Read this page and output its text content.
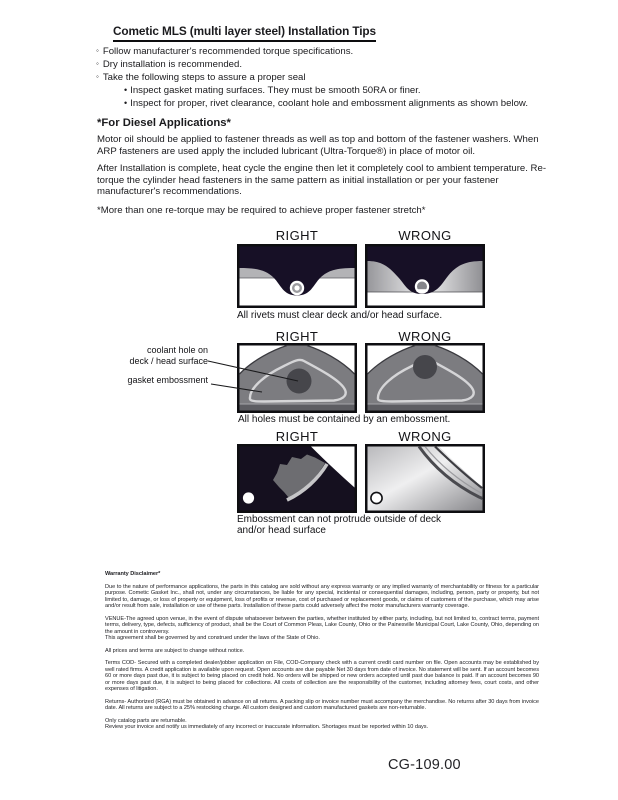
Cometic MLS (multi layer steel) Installation Tips
◦ Follow manufacturer's recommended torque specifications.
◦ Dry installation is recommended.
◦ Take the following steps to assure a proper seal
• Inspect gasket mating surfaces. They must be smooth 50RA or finer.
• Inspect for proper, rivet clearance, coolant hole and embossment alignments as shown below.
*For Diesel Applications*

Motor oil should be applied to fastener threads as well as top and bottom of the fastener washers. When ARP fasteners are used apply the included lubricant (Ultra-Torque®) in place of motor oil.

After Installation is complete, heat cycle the engine then let it completely cool to ambient temperature. Re-torque the cylinder head fasteners in the same pattern as initial installation or per your fastener manufacturer's recommendations.

*More than one re-torque may be required to achieve proper fastener stretch*

RIGHT	WRONG
All rivets must clear deck and/or head surface.
RIGHT	WRONG
coolant hole on
deck / head surface
gasket embossment
All holes must be contained by an embossment.
RIGHT	WRONG
Embossment can not protrude outside of deck
and/or head surface
Warranty Disclaimer*

Due to the nature of performance applications, the parts in this catalog are sold without any express warranty or any implied warranty of merchantability or fitness for a particular purpose. Cometic Gasket Inc., shall not, under any circumstances, be liable for any special, incidental or consequential damages, including, person, party or property, but not limited to, damage, or loss of property or equipment, loss of profits or revenue, cost of purchased or replacement goods, or claims of customers of the purchase, which may arise and/or result from sale, installation or use of these parts. Installation of these parts could adversely affect the motor manufacturers warranty coverage.

VENUE-The agreed upon venue, in the event of dispute whatsoever between the parties, whether instituted by either party, including, but not limited to, contract terms, payment terms, delivery, type, defects, sufficiency of product, shall be the Court of Common Pleas, Lake County, Ohio or the Painesville Municipal Court, Lake County, Ohio, depending on the amount in controversy.

This agreement shall be governed by and construed under the laws of the State of Ohio.

All prices and terms are subject to change without notice.

Terms COD- Secured with a completed dealer/jobber application on File, COD-Company check with a current credit card number on file. Open accounts may be established by well rated firms. A credit application is available upon request. Open accounts are due payable Net 30 days from date of invoice. No statement will be sent. If an account becomes 60 or more days past due, it is subject to being placed on credit hold. No orders will be shipped or new orders accepted until past due balance is paid. If an account becomes 90 or more days past due, it is subject to being placed for collections. All costs of collection are the responsibility of the customer, including attorney fees, court costs, and other expenses of litigation.

Returns- Authorized (RGA) must be obtained in advance on all returns. A packing slip or invoice number must accompany the merchandise. No returns after 30 days from invoice date. All returns are subject to a 25% restocking charge. All custom designed and custom manufactured gaskets are non-returnable.

Only catalog parts are returnable.

Review your invoice and notify us immediately of any incorrect or inaccurate information. Shortages must be reported within 10 days.

CG-109.00
